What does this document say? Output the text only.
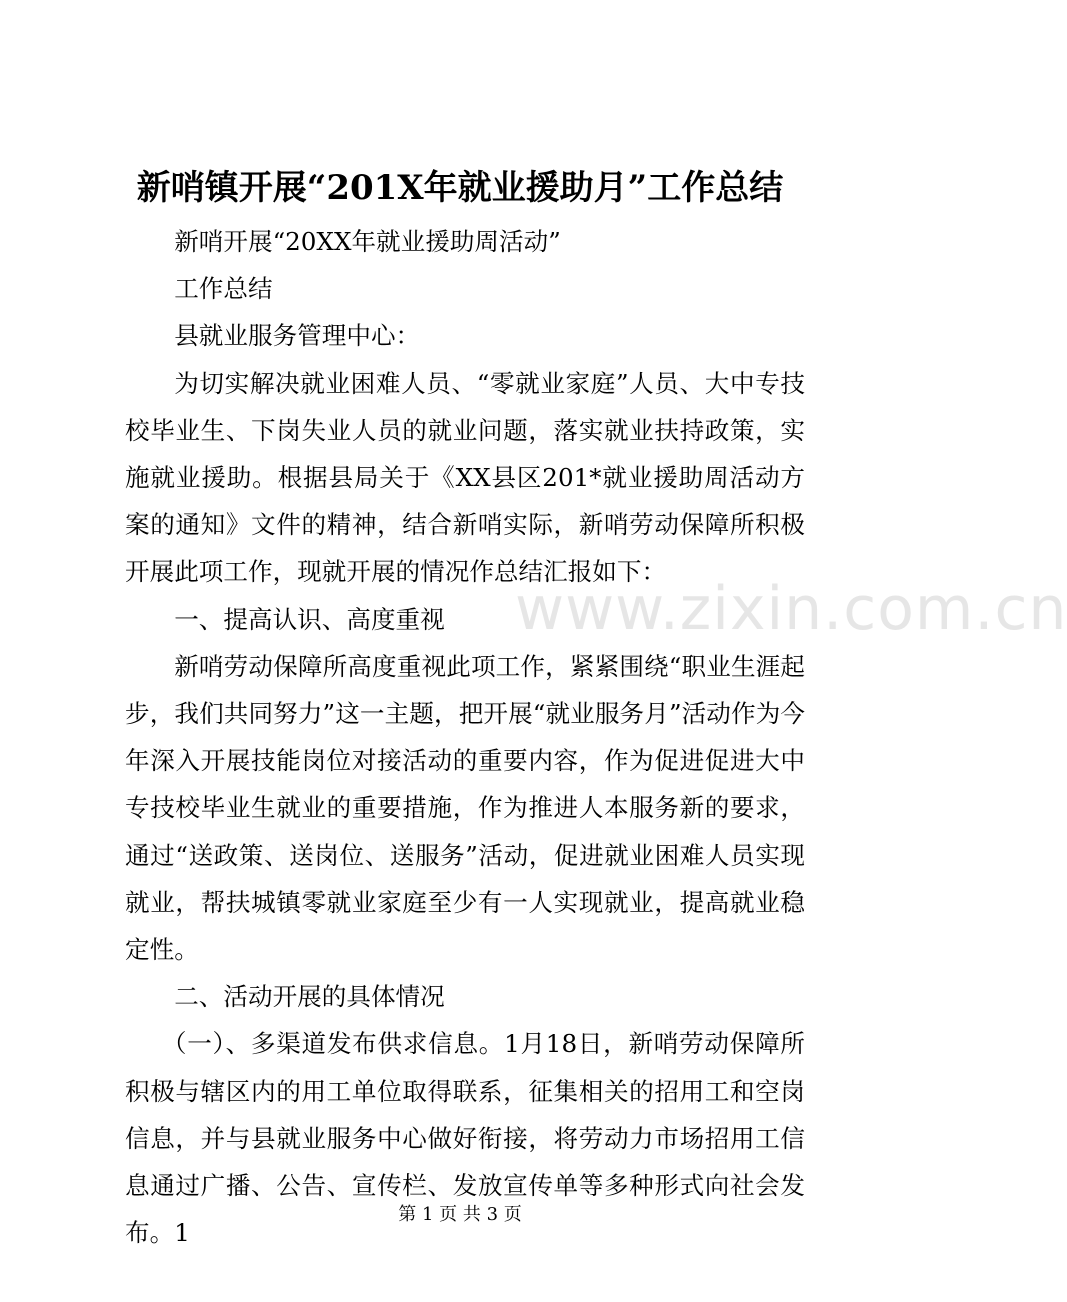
www.zixin.com.cn
新哨镇开展“201X年就业援助月”工作总结

新哨开展“20XX年就业援助周活动”

工作总结

县就业服务管理中心：

为切实解决就业困难人员、“零就业家庭”人员、大中专技校毕业生、下岗失业人员的就业问题，落实就业扶持政策，实施就业援助。根据县局关于《XX县区201*就业援助周活动方案的通知》文件的精神，结合新哨实际，新哨劳动保障所积极开展此项工作，现就开展的情况作总结汇报如下：

一、提高认识、高度重视

新哨劳动保障所高度重视此项工作，紧紧围绕“职业生涯起步，我们共同努力”这一主题，把开展“就业服务月”活动作为今年深入开展技能岗位对接活动的重要内容，作为促进促进大中专技校毕业生就业的重要措施，作为推进人本服务新的要求，通过“送政策、送岗位、送服务”活动，促进就业困难人员实现就业，帮扶城镇零就业家庭至少有一人实现就业，提高就业稳定性。

二、活动开展的具体情况

（一）、多渠道发布供求信息。1月18日，新哨劳动保障所积极与辖区内的用工单位取得联系，征集相关的招用工和空岗信息，并与县就业服务中心做好衔接，将劳动力市场招用工信息通过广播、公告、宣传栏、发放宣传单等多种形式向社会发布。1

第 1 页 共 3 页
